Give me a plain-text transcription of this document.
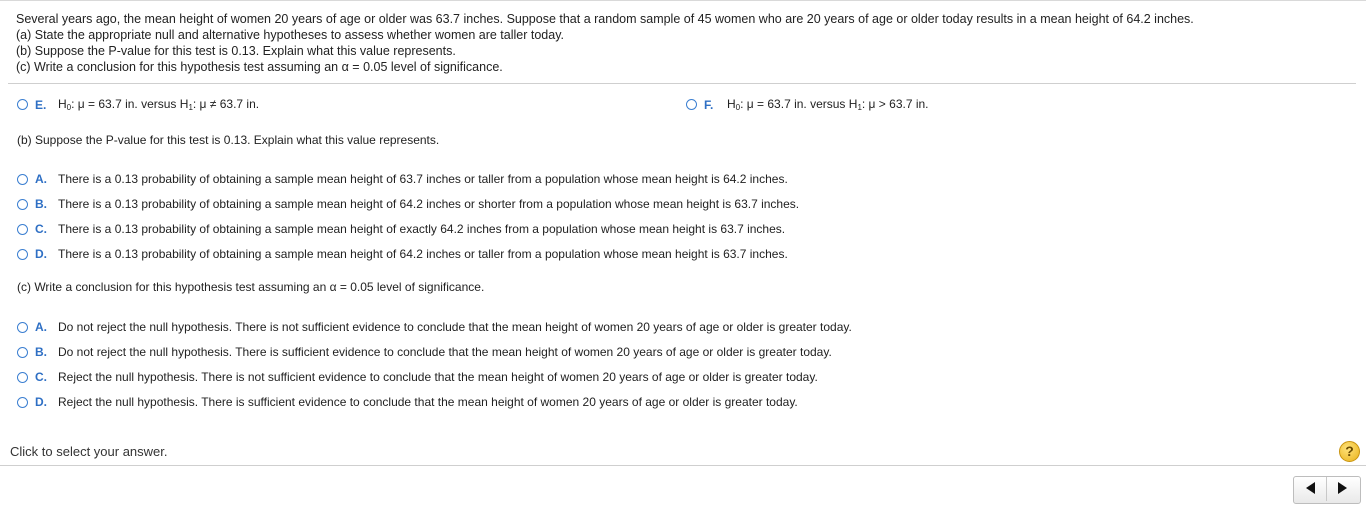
Several years ago, the mean height of women 20 years of age or older was 63.7 inches. Suppose that a random sample of 45 women who are 20 years of age or older today results in a mean height of 64.2 inches.
(a) State the appropriate null and alternative hypotheses to assess whether women are taller today.
(b) Suppose the P-value for this test is 0.13. Explain what this value represents.
(c) Write a conclusion for this hypothesis test assuming an α = 0.05 level of significance.
E. $H_0$: μ = 63.7 in. versus $H_1$: μ ≠ 63.7 in.	F.	$H_0$: μ = 63.7 in. versus $H_1$: μ > 63.7 in.
(b) Suppose the P-value for this test is 0.13. Explain what this value represents.
A. There is a 0.13 probability of obtaining a sample mean height of 63.7 inches or taller from a population whose mean height is 64.2 inches.
B. There is a 0.13 probability of obtaining a sample mean height of 64.2 inches or shorter from a population whose mean height is 63.7 inches.
C. There is a 0.13 probability of obtaining a sample mean height of exactly 64.2 inches from a population whose mean height is 63.7 inches.
D. There is a 0.13 probability of obtaining a sample mean height of 64.2 inches or taller from a population whose mean height is 63.7 inches.
(c) Write a conclusion for this hypothesis test assuming an α = 0.05 level of significance.
A. Do not reject the null hypothesis. There is not sufficient evidence to conclude that the mean height of women 20 years of age or older is greater today.
B. Do not reject the null hypothesis. There is sufficient evidence to conclude that the mean height of women 20 years of age or older is greater today.
C. Reject the null hypothesis. There is not sufficient evidence to conclude that the mean height of women 20 years of age or older is greater today.
D. Reject the null hypothesis. There is sufficient evidence to conclude that the mean height of women 20 years of age or older is greater today.
Click to select your answer.	?
